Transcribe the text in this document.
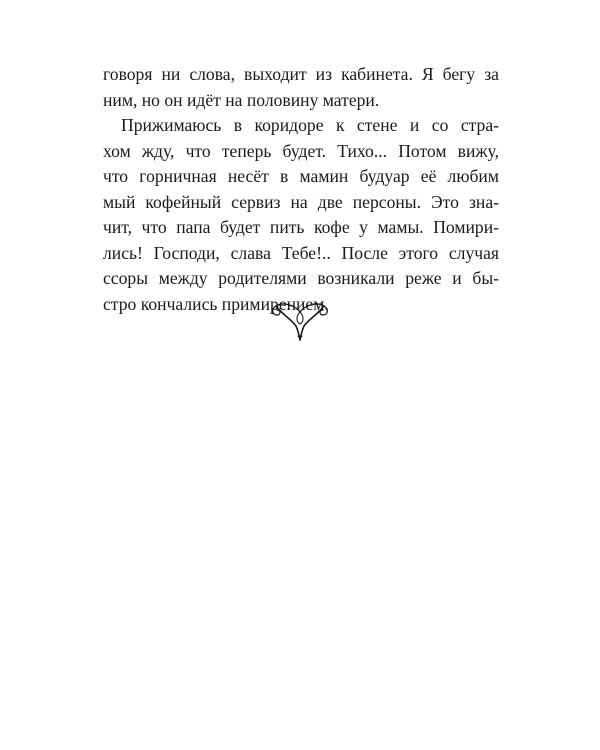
говоря ни слова, выходит из кабинета. Я бегу за
ним, но он идёт на половину матери.
Прижимаюсь в коридоре к стене и со стра-
хом жду, что теперь будет. Тихо... Потом вижу,
что горничная несёт в мамин будуар её любим
мый кофейный сервиз на две персоны. Это зна-
чит, что папа будет пить кофе у мамы. Помири-
лись! Господи, слава Тебе!.. После этого случая
ссоры между родителями возникали реже и бы-
стро кончались примирением.
